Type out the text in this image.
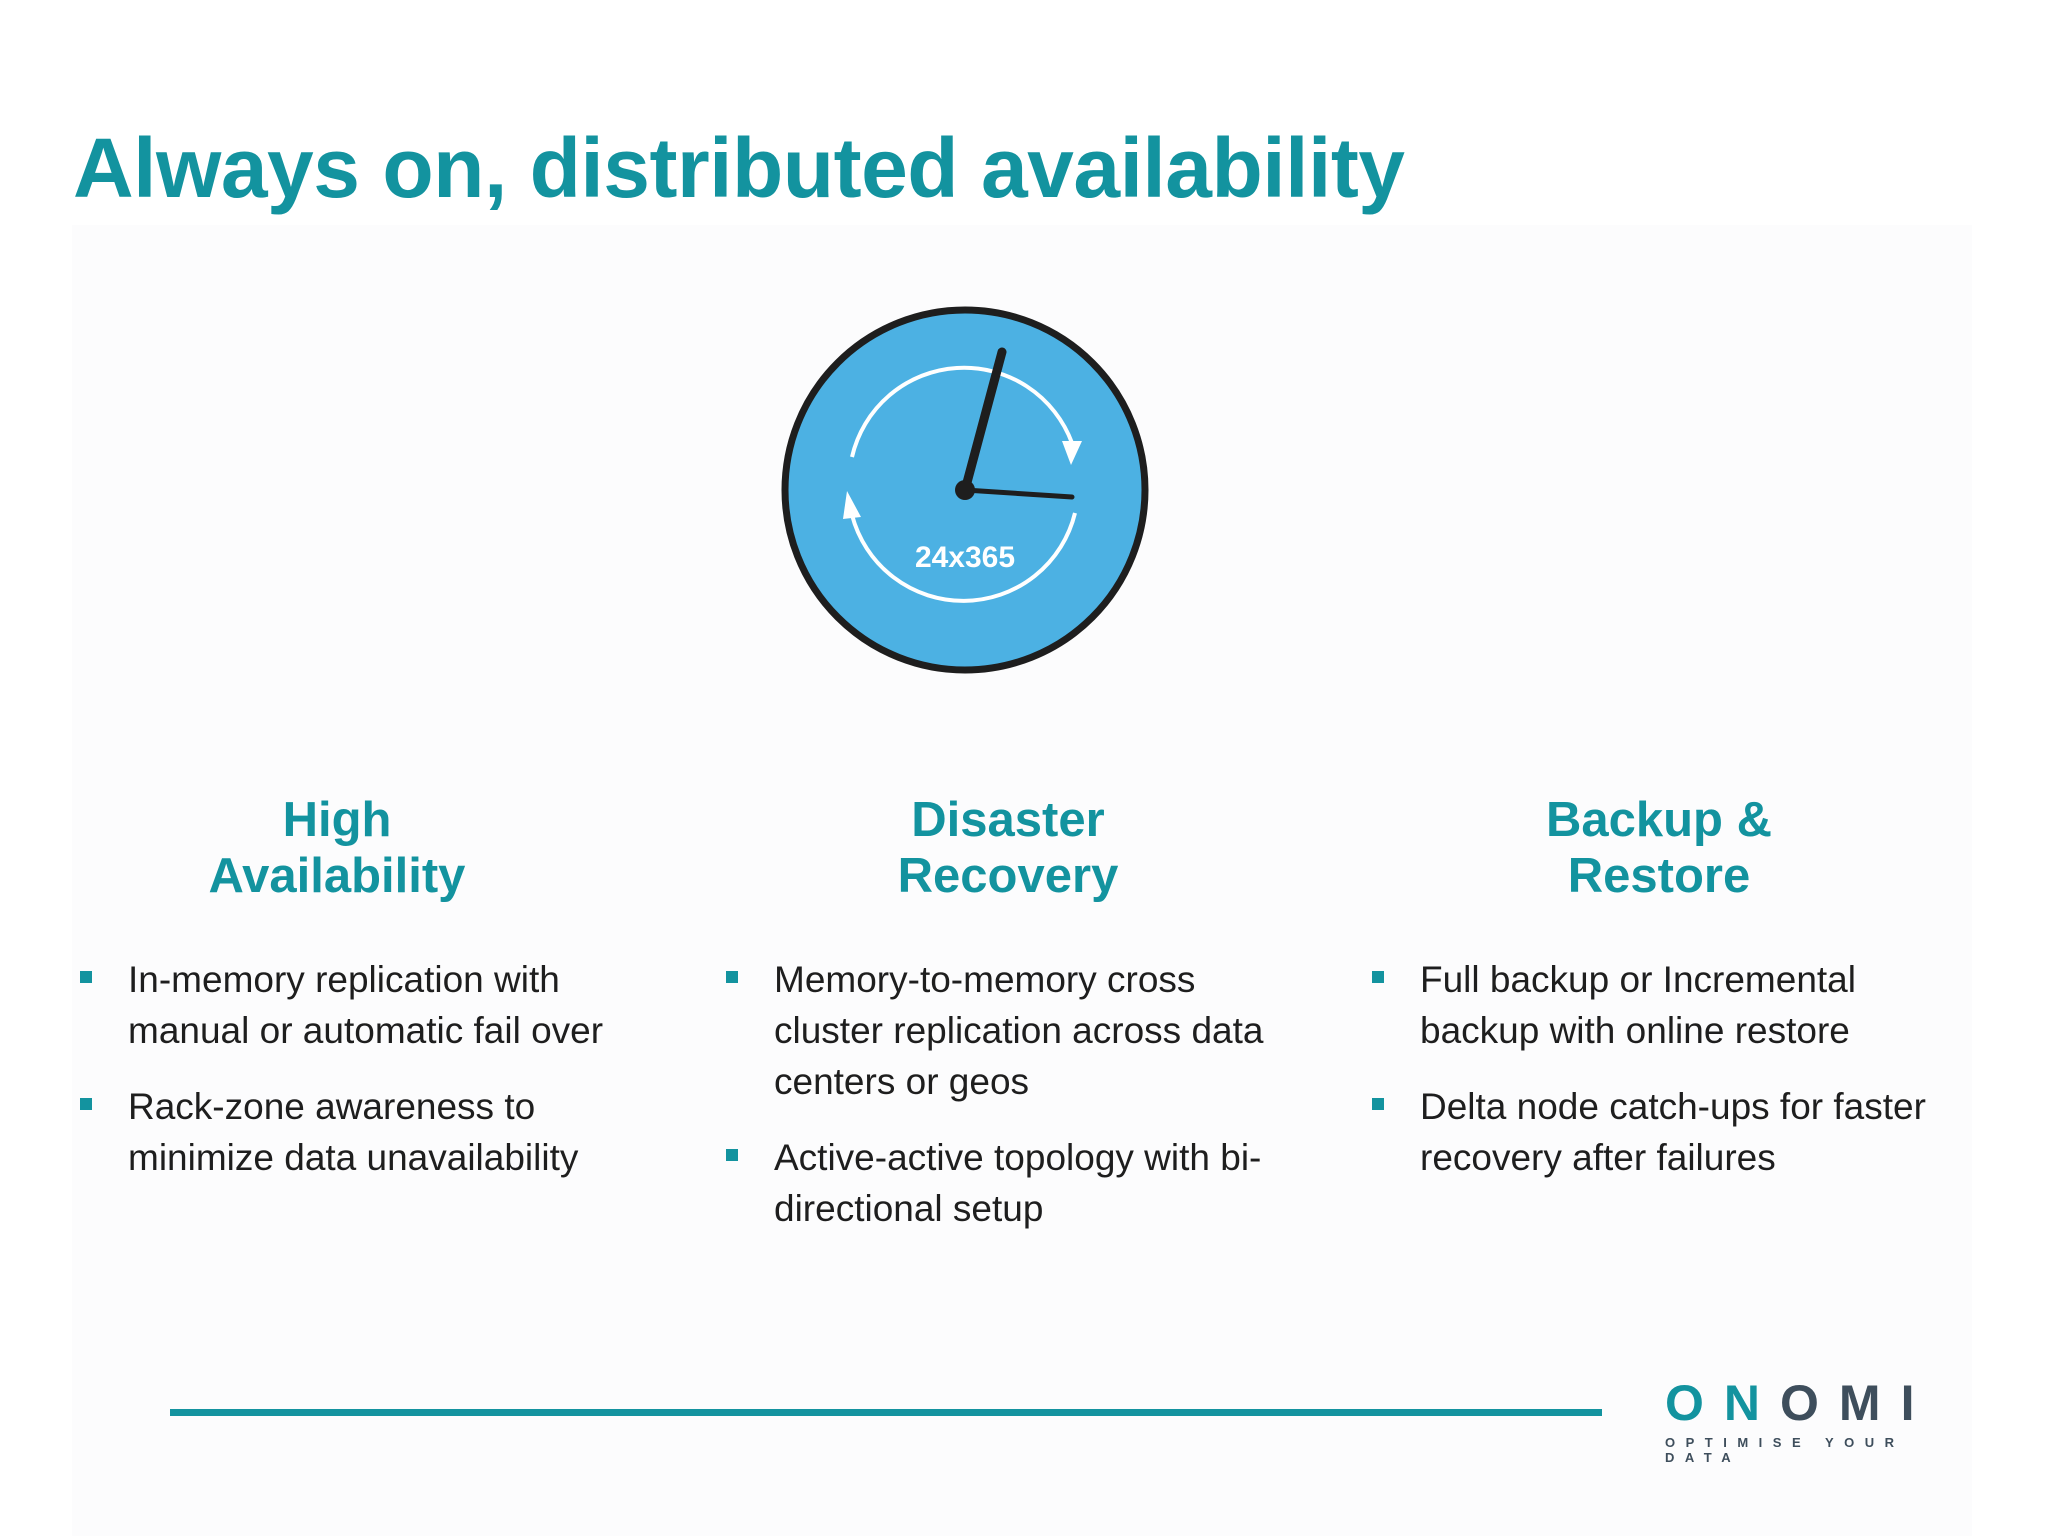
Always on, distributed availability
24x365
High
Availability
In-memory replication with manual or automatic fail over
Rack-zone awareness to minimize data unavailability
Disaster
Recovery
Memory-to-memory cross cluster replication across data centers or geos
Active-active topology with bi-directional setup
Backup &
Restore
Full backup or Incremental backup with online restore
Delta node catch-ups for faster recovery after failures
ONOMI
OPTIMISE YOUR DATA
